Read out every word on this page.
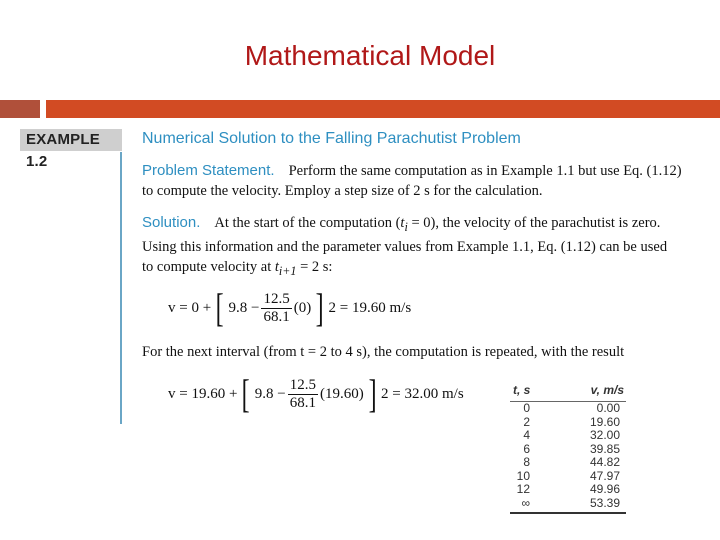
Mathematical Model
EXAMPLE 1.2
Numerical Solution to the Falling Parachutist Problem
Problem Statement. Perform the same computation as in Example 1.1 but use Eq. (1.12)
to compute the velocity. Employ a step size of 2 s for the calculation.
Solution. At the start of the computation $(t_i = 0)$, the velocity of the parachutist is zero.
Using this information and the parameter values from Example 1.1, Eq. (1.12) can be used
to compute velocity at $t_{i+1} = 2$ s:
v = 0 + [ $9.8 - \frac{12.5}{68.1} (0)$ ] 2 = 19.60 m/s
For the next interval (from t = 2 to 4 s), the computation is repeated, with the result
v = 19.60 + [ $9.8 - \frac{12.5}{68.1} (19.60)$ ] 2 = 32.00 m/s	t, s	v, m/s
0	0.00
2	19.60
4	32.00
6	39.85
8	44.82
10	47.97
12	49.96
∞	53.39
